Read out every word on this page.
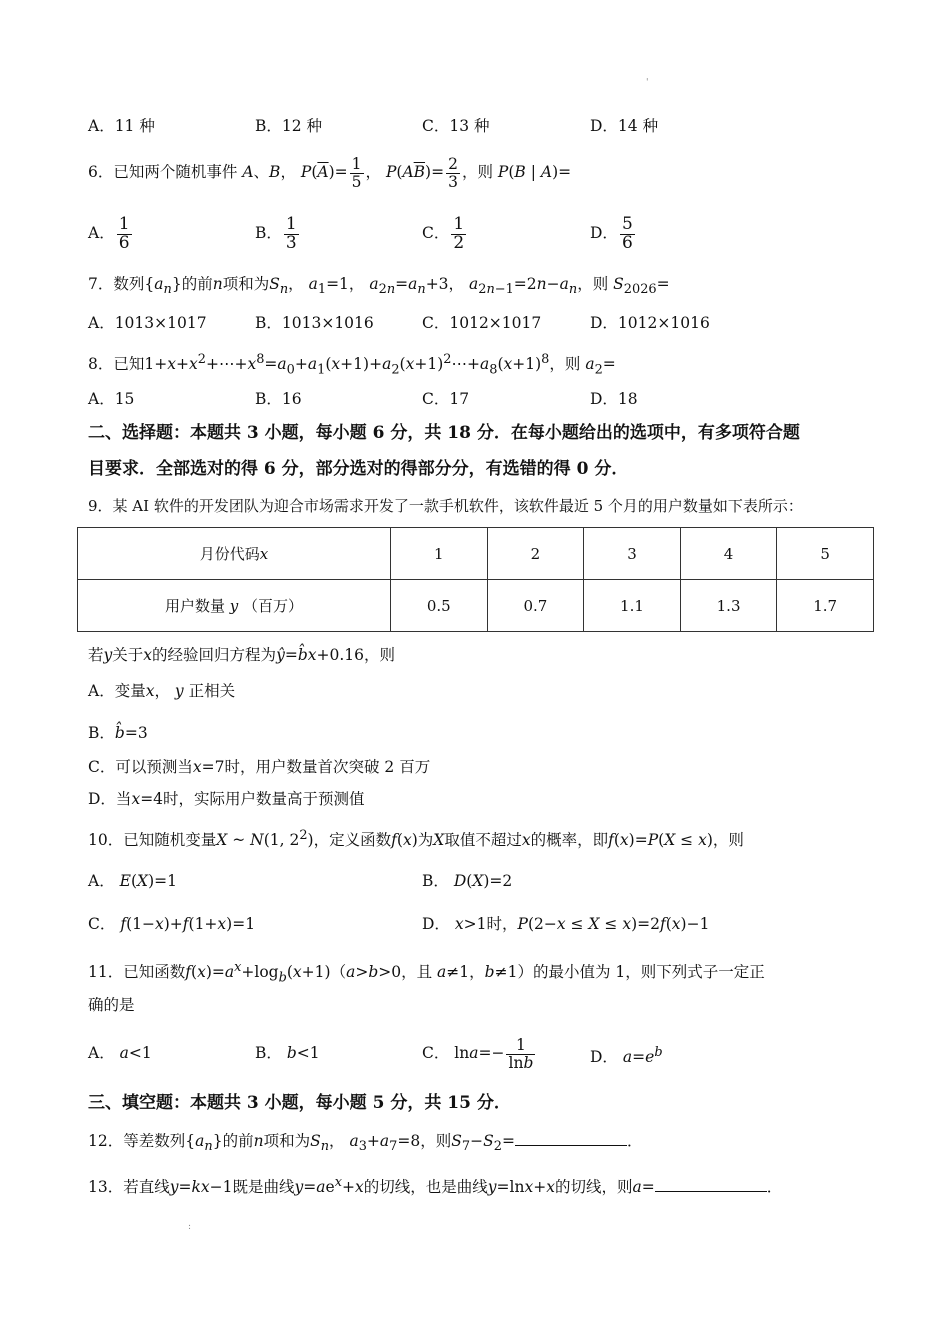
'
:
A．11 种	B．12 种	C．13 种	D．14 种
6．已知两个随机事件 A、B， $P(\overline{A})= \frac{1}{5}$ ， $P(A\overline{B})= \frac{2}{3}$ ，则 P(B | A)=
A． $\frac{1}{6}$	B． $\frac{1}{3}$	C． $\frac{1}{2}$	D． $\frac{5}{6}$
7．数列$\{a_n\}$的前n项和为$S_n$， $a_1=1$， $a_{2n}=a_n+3$， $a_{2n-1}=2n-a_n$，则 $S_{2026}=$
A．1013×1017	B．1013×1016	C．1012×1017	D．1012×1016
8．已知$1+x+x^2+\cdots+x^8=a_0+a_1(x+1)+a_2(x+1)^2\cdots+a_8(x+1)^8$，则 $a_2=$
A．15	B．16	C．17	D．18
二、选择题：本题共 3 小题，每小题 6 分，共 18 分．在每小题给出的选项中，有多项符合题
目要求．全部选对的得 6 分，部分选对的得部分分，有选错的得 0 分．
9．某 AI 软件的开发团队为迎合市场需求开发了一款手机软件，该软件最近 5 个月的用户数量如下表所示：
月份代码x	1	2	3	4	5
用户数量 y （百万）	0.5	0.7	1.1	1.3	1.7
若y关于x的经验回归方程为ŷ=b̂x+0.16，则
A．变量x， y 正相关
B．b̂=3
C．可以预测当x=7时，用户数量首次突破 2 百万
D．当x=4时，实际用户数量高于预测值
10．已知随机变量X ~ N(1, $2^2$)，定义函数f(x)为X取值不超过x的概率，即f(x)=P(X ≤ x)，则
A． E(X)=1	B． D(X)=2
C． f(1−x)+f(1+x)=1	D． x>1时，P(2−x ≤ X ≤ x)=2f(x)−1
11．已知函数$f(x)=a^x+\log_b(x+1)(a>b>0$，且 a≠1，b≠1）的最小值为 1，则下列式子一定正
确的是
A． a<1	B． b<1	C． $\ln a=- \frac{1}{\ln b}$	D． $a=e^b$
三、填空题：本题共 3 小题，每小题 5 分，共 15 分．
12．等差数列$\{a_n\}$的前n项和为$S_n$， $a_3+a_7=8$，则$S_7-S_2=$	．
13．若直线y=kx−1既是曲线$y=ae^x+x$的切线，也是曲线y=lnx+x的切线，则a=	．
